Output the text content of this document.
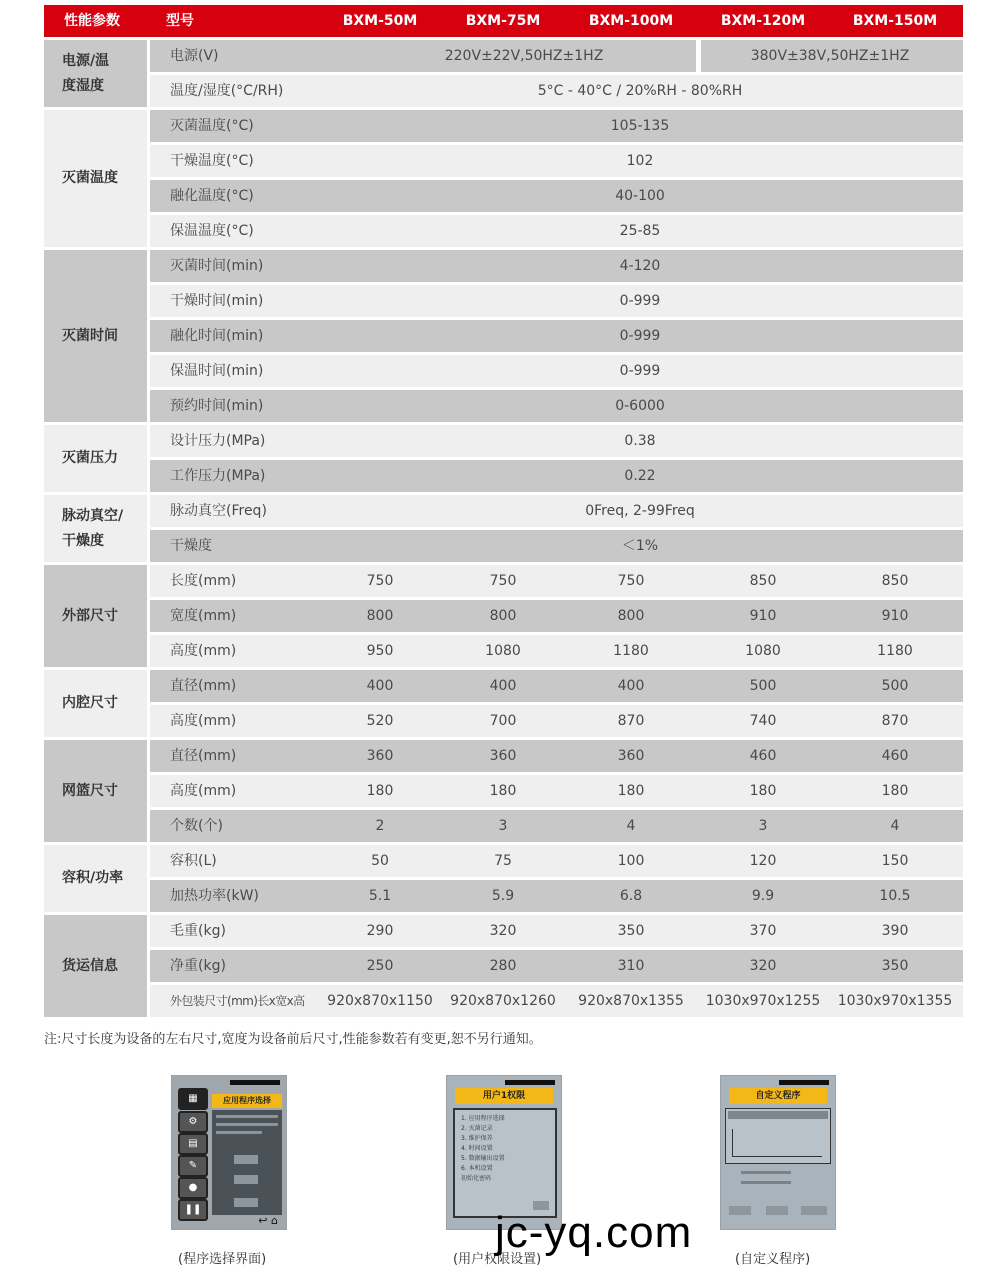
性能参数	型号	BXM-50M	BXM-75M	BXM-100M	BXM-120M	BXM-150M
电源/温
度湿度
电源(V)	220V±22V,50HZ±1HZ	380V±38V,50HZ±1HZ
温度/湿度(°C/RH)	5°C - 40°C / 20%RH - 80%RH
灭菌温度
灭菌温度(°C)	105-135
干燥温度(°C)	102
融化温度(°C)	40-100
保温温度(°C)	25-85
灭菌时间
灭菌时间(min)	4-120
干燥时间(min)	0-999
融化时间(min)	0-999
保温时间(min)	0-999
预约时间(min)	0-6000
灭菌压力
设计压力(MPa)	0.38
工作压力(MPa)	0.22
脉动真空/
干燥度
脉动真空(Freq)	0Freq, 2-99Freq
干燥度	＜1%
外部尺寸
长度(mm)	750	750	750	850	850
宽度(mm)	800	800	800	910	910
高度(mm)	950	1080	1180	1080	1180
内腔尺寸
直径(mm)	400	400	400	500	500
高度(mm)	520	700	870	740	870
网篮尺寸
直径(mm)	360	360	360	460	460
高度(mm)	180	180	180	180	180
个数(个)	2	3	4	3	4
容积/功率
容积(L)	50	75	100	120	150
加热功率(kW)	5.1	5.9	6.8	9.9	10.5
货运信息
毛重(kg)	290	320	350	370	390
净重(kg)	250	280	310	320	350
外包装尺寸(mm)长x宽x高 920x870x1150 920x870x1260 920x870x1355 1030x970x1255 1030x970x1355
注:尺寸长度为设备的左右尺寸,宽度为设备前后尺寸,性能参数若有变更,恕不另行通知。
▦
⚙
▤
✎
●
❚❚
应用程序选择
↩ ⌂
(程序选择界面)
用户1权限
1. 应用程序选择
2. 灭菌记录
3. 维护保养
4. 时间设置
5. 数据输出设置
6. 本机设置
初始化密码
(用户权限设置)
自定义程序
(自定义程序)
jc-yq.com
